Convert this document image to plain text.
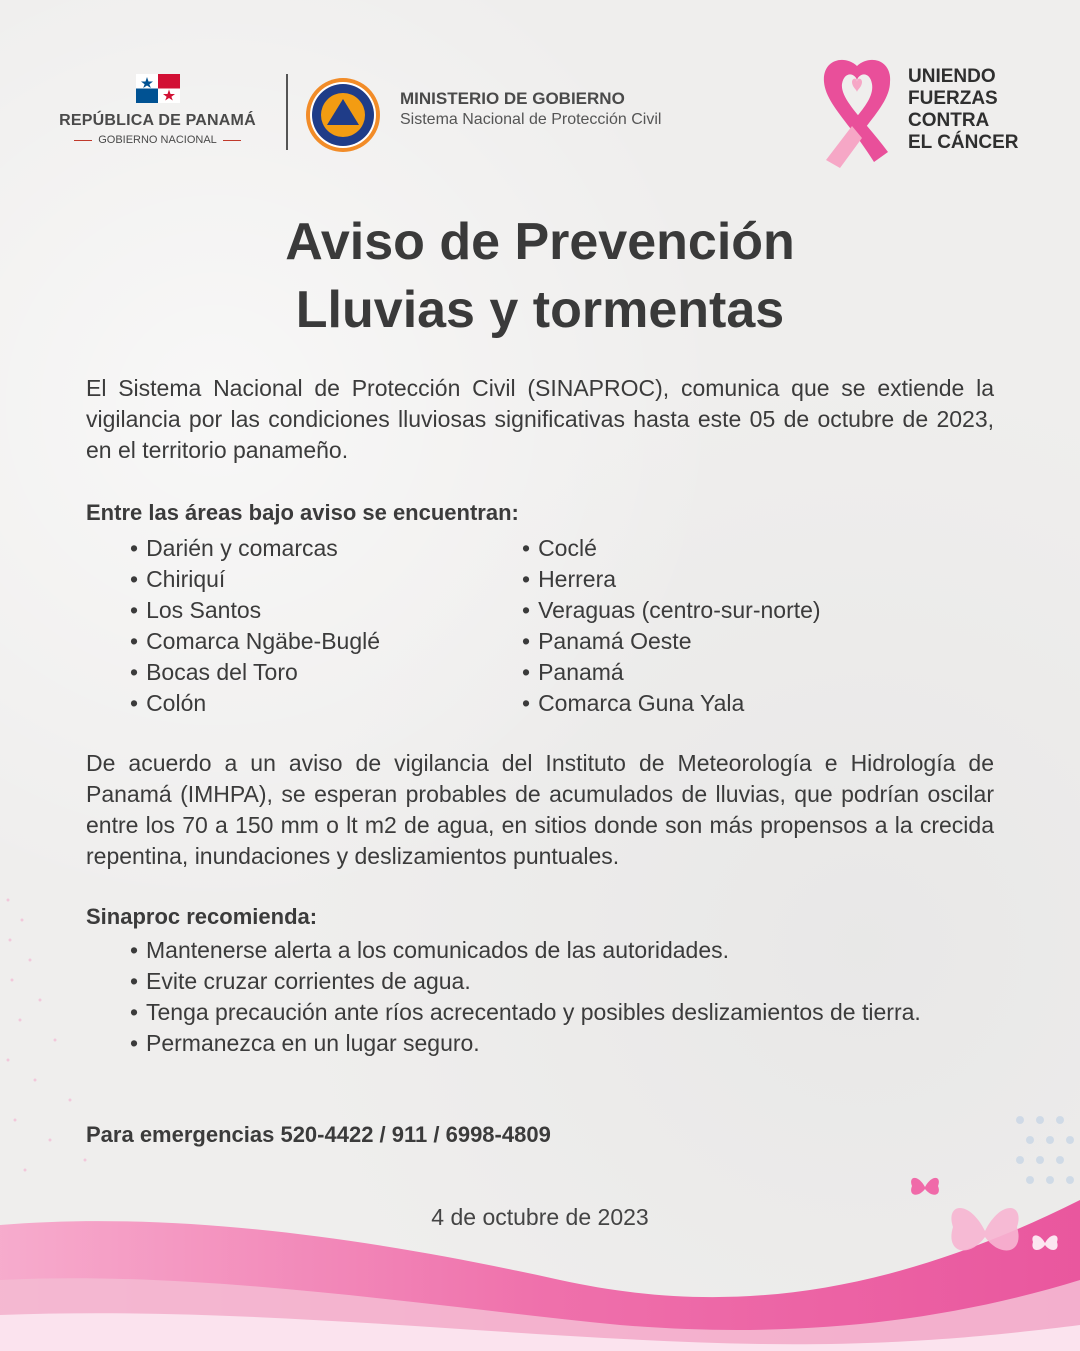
REPÚBLICA DE PANAMÁ
GOBIERNO NACIONAL
MINISTERIO DE GOBIERNO
Sistema Nacional de Protección Civil
UNIENDO
FUERZAS
CONTRA
EL CÁNCER
Aviso de Prevención
Lluvias y tormentas
El Sistema Nacional de Protección Civil (SINAPROC), comunica que se extiende la vigilancia por las condiciones lluviosas significativas hasta este 05 de octubre de 2023, en el territorio panameño.
Entre las áreas bajo aviso se encuentran:
• Darién y comarcas
• Chiriquí
• Los Santos
• Comarca Ngäbe-Buglé
• Bocas del Toro
• Colón
• Coclé
• Herrera
• Veraguas (centro-sur-norte)
• Panamá Oeste
• Panamá
• Comarca Guna Yala
De acuerdo a un aviso de vigilancia del Instituto de Meteorología e Hidrología de Panamá (IMHPA), se esperan probables de acumulados de lluvias, que podrían oscilar entre los 70 a 150 mm o lt m2 de agua, en sitios donde son más propensos a la crecida repentina, inundaciones y deslizamientos puntuales.
Sinaproc recomienda:
• Mantenerse alerta a los comunicados de las autoridades.
• Evite cruzar corrientes de agua.
• Tenga precaución ante ríos acrecentado y posibles deslizamientos de tierra.
• Permanezca en un lugar seguro.
Para emergencias 520-4422 / 911 / 6998-4809
4 de octubre de 2023
